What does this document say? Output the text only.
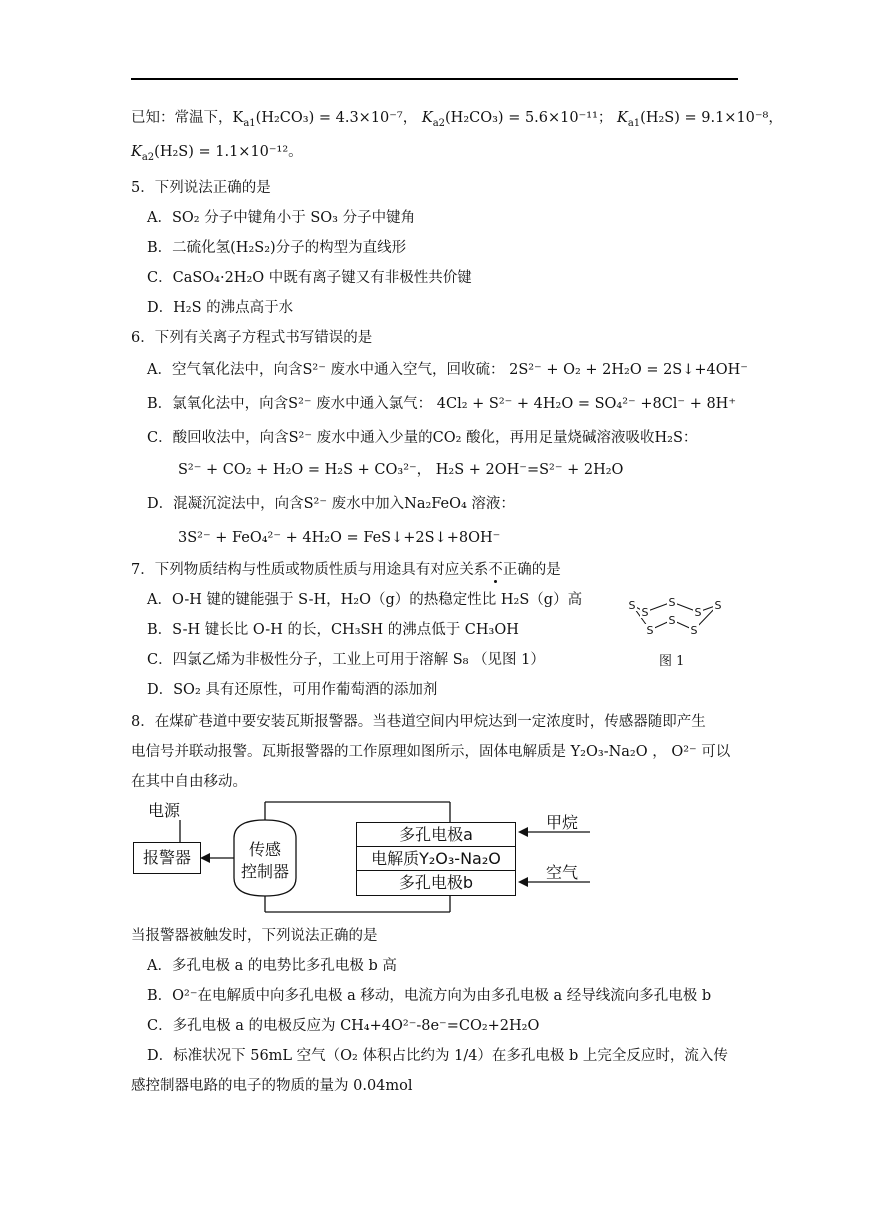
已知：常温下，$K_{a1}(H_2CO_3) = 4.3\times 10^{-7}$， $K_{a2}(H_2CO_3) = 5.6\times 10^{-11}$； $K_{a1}(H_2S) = 9.1\times 10^{-8}$，
$K_{a2}(H_2S) = 1.1\times 10^{-12}$。
5．下列说法正确的是
A．SO₂ 分子中键角小于 SO₃ 分子中键角
B．二硫化氢(H₂S₂)分子的构型为直线形
C．CaSO₄·2H₂O 中既有离子键又有非极性共价键
D．H₂S 的沸点高于水
6．下列有关离子方程式书写错误的是
A．空气氧化法中，向含S²⁻ 废水中通入空气，回收硫： 2S²⁻ + O₂ + 2H₂O = 2S↓+4OH⁻
B．氯氧化法中，向含S²⁻ 废水中通入氯气： 4Cl₂ + S²⁻ + 4H₂O = SO₄²⁻ +8Cl⁻ + 8H⁺
C．酸回收法中，向含S²⁻ 废水中通入少量的CO₂ 酸化，再用足量烧碱溶液吸收H₂S：
S²⁻ + CO₂ + H₂O = H₂S + CO₃²⁻， H₂S + 2OH⁻=S²⁻ + 2H₂O
D．混凝沉淀法中，向含S²⁻ 废水中加入Na₂FeO₄ 溶液：
3S²⁻ + FeO₄²⁻ + 4H₂O = FeS↓+2S↓+8OH⁻
7．下列物质结构与性质或物质性质与用途具有对应关系不正确的是
A．O-H 键的键能强于 S-H，H₂O（g）的热稳定性比 H₂S（g）高
B．S-H 键长比 O-H 的长，CH₃SH 的沸点低于 CH₃OH
C．四氯乙烯为非极性分子，工业上可用于溶解 S₈ （见图 1）
D．SO₂ 具有还原性，可用作葡萄酒的添加剂
S
S
S
S
S
S
S
S
图 1
8．在煤矿巷道中要安装瓦斯报警器。当巷道空间内甲烷达到一定浓度时，传感器随即产生
电信号并联动报警。瓦斯报警器的工作原理如图所示，固体电解质是 Y₂O₃-Na₂O ， O²⁻ 可以
在其中自由移动。
电源
报警器	传感
控制器
多孔电极a
电解质Y₂O₃-Na₂O
多孔电极b
甲烷
空气
当报警器被触发时，下列说法正确的是
A．多孔电极 a 的电势比多孔电极 b 高
B．O²⁻在电解质中向多孔电极 a 移动，电流方向为由多孔电极 a 经导线流向多孔电极 b
C．多孔电极 a 的电极反应为 CH₄+4O²⁻-8e⁻=CO₂+2H₂O
D．标准状况下 56mL 空气（O₂ 体积占比约为 1/4）在多孔电极 b 上完全反应时，流入传
感控制器电路的电子的物质的量为 0.04mol
